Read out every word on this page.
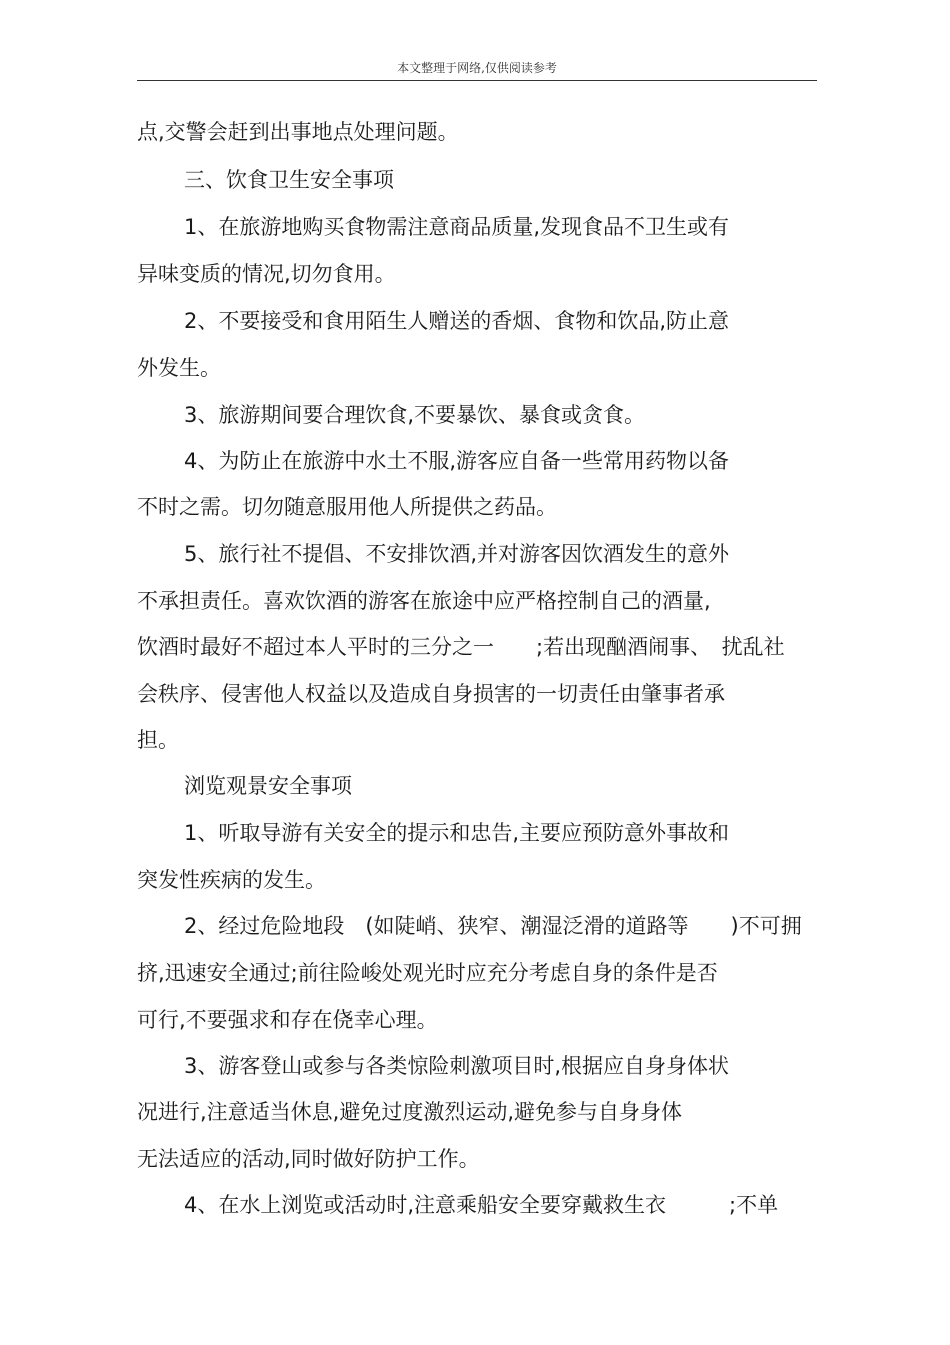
本文整理于网络,仅供阅读参考
点,交警会赶到出事地点处理问题。
三、饮食卫生安全事项
1、在旅游地购买食物需注意商品质量,发现食品不卫生或有
异味变质的情况,切勿食用。
2、不要接受和食用陌生人赠送的香烟、食物和饮品,防止意
外发生。
3、旅游期间要合理饮食,不要暴饮、暴食或贪食。
4、为防止在旅游中水土不服,游客应自备一些常用药物以备
不时之需。切勿随意服用他人所提供之药品。
5、旅行社不提倡、不安排饮酒,并对游客因饮酒发生的意外
不承担责任。喜欢饮酒的游客在旅途中应严格控制自己的酒量,
饮酒时最好不超过本人平时的三分之一　　;若出现酗酒闹事、　扰乱社
会秩序、侵害他人权益以及造成自身损害的一切责任由肇事者承
担。
浏览观景安全事项
1、听取导游有关安全的提示和忠告,主要应预防意外事故和
突发性疾病的发生。
2、经过危险地段　(如陡峭、狭窄、潮湿泛滑的道路等　　)不可拥
挤,迅速安全通过;前往险峻处观光时应充分考虑自身的条件是否
可行,不要强求和存在侥幸心理。
3、游客登山或参与各类惊险刺激项目时,根据应自身身体状
况进行,注意适当休息,避免过度激烈运动,避免参与自身身体
无法适应的活动,同时做好防护工作。
4、在水上浏览或活动时,注意乘船安全要穿戴救生衣　　　;不单
